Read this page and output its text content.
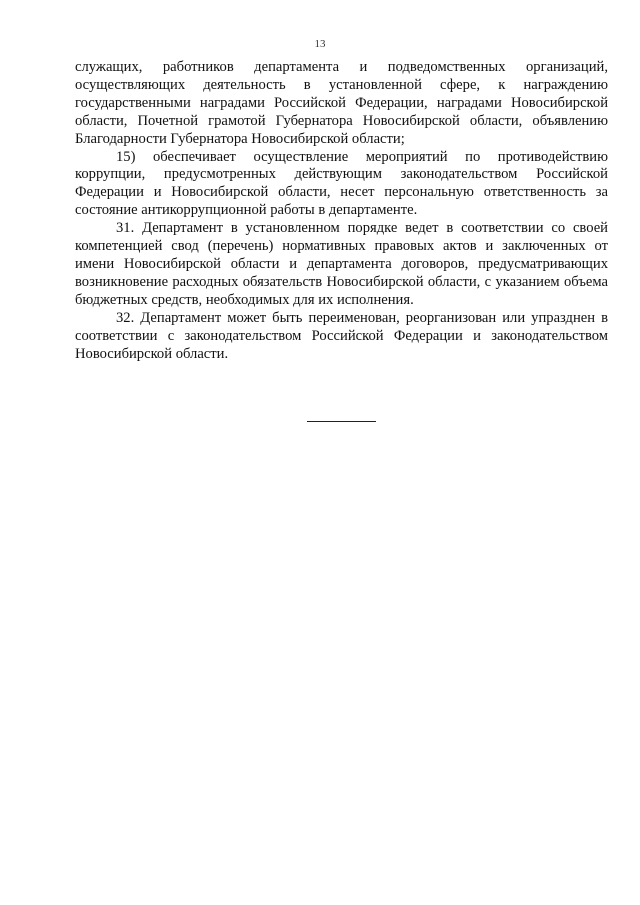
13

служащих, работников департамента и подведомственных организаций, осуществляющих деятельность в установленной сфере, к награждению государственными наградами Российской Федерации, наградами Новосибирской области, Почетной грамотой Губернатора Новосибирской области, объявлению Благодарности Губернатора Новосибирской области;

15) обеспечивает осуществление мероприятий по противодействию коррупции, предусмотренных действующим законодательством Российской Федерации и Новосибирской области, несет персональную ответственность за состояние антикоррупционной работы в департаменте.

31. Департамент в установленном порядке ведет в соответствии со своей компетенцией свод (перечень) нормативных правовых актов и заключенных от имени Новосибирской области и департамента договоров, предусматривающих возникновение расходных обязательств Новосибирской области, с указанием объема бюджетных средств, необходимых для их исполнения.

32. Департамент может быть переименован, реорганизован или упразднен в соответствии с законодательством Российской Федерации и законодательством Новосибирской области.
